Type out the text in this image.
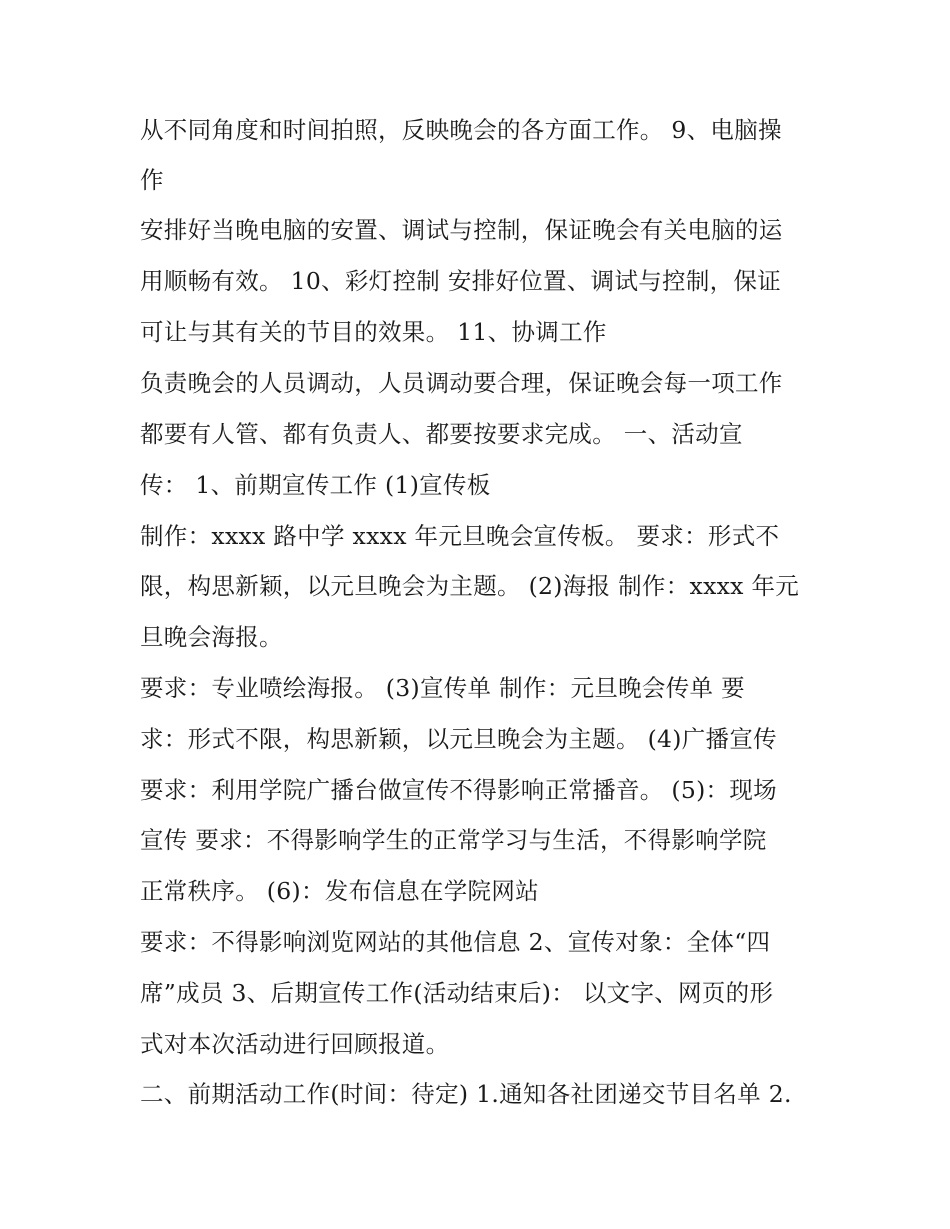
从不同角度和时间拍照，反映晚会的各方面工作。 9、电脑操
作
安排好当晚电脑的安置、调试与控制，保证晚会有关电脑的运
用顺畅有效。 10、彩灯控制 安排好位置、调试与控制，保证
可让与其有关的节目的效果。 11、协调工作
负责晚会的人员调动，人员调动要合理，保证晚会每一项工作
都要有人管、都有负责人、都要按要求完成。 一、活动宣
传： 1、前期宣传工作 (1)宣传板
制作：xxxx 路中学 xxxx 年元旦晚会宣传板。 要求：形式不
限，构思新颖，以元旦晚会为主题。 (2)海报 制作：xxxx 年元
旦晚会海报。
要求：专业喷绘海报。 (3)宣传单 制作：元旦晚会传单 要
求：形式不限，构思新颖，以元旦晚会为主题。 (4)广播宣传
要求：利用学院广播台做宣传不得影响正常播音。 (5)：现场
宣传 要求：不得影响学生的正常学习与生活，不得影响学院
正常秩序。 (6)：发布信息在学院网站
要求：不得影响浏览网站的其他信息 2、宣传对象：全体“四
席”成员 3、后期宣传工作(活动结束后)： 以文字、网页的形
式对本次活动进行回顾报道。
二、前期活动工作(时间：待定) 1.通知各社团递交节目名单 2.
